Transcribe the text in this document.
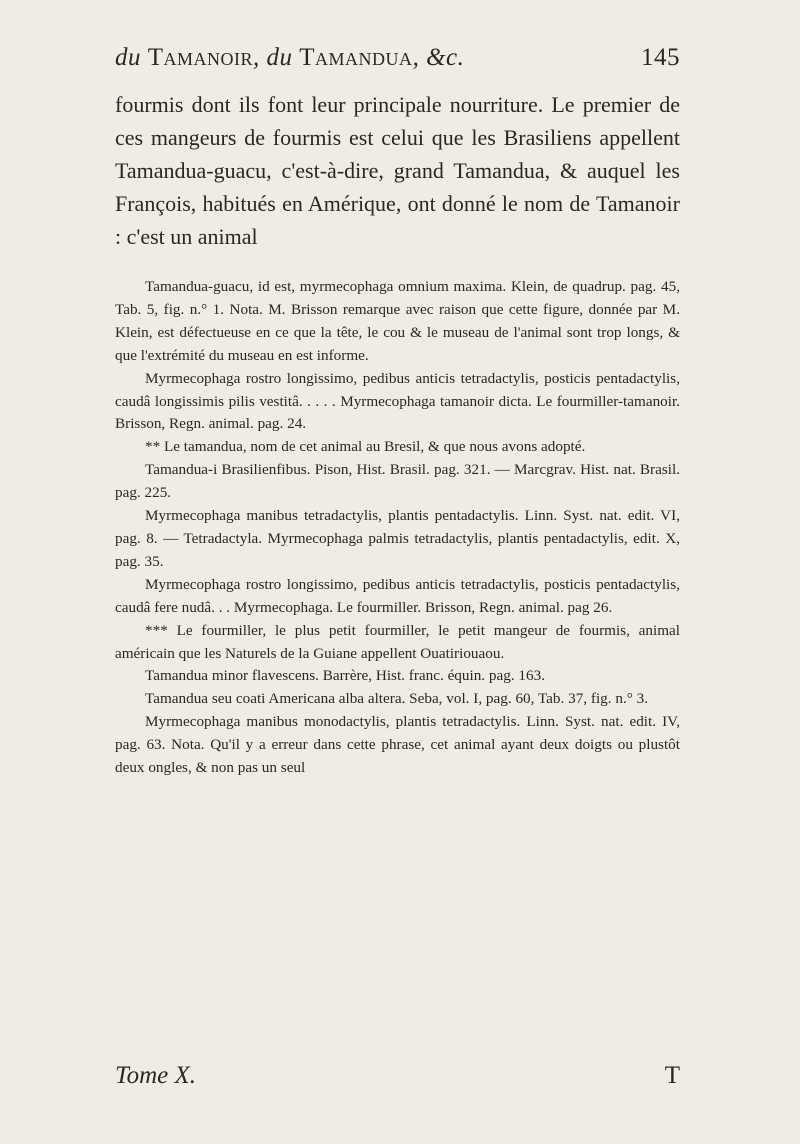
du Tamanoir, du Tamandua, &c.	145

fourmis dont ils font leur principale nourriture. Le premier de ces mangeurs de fourmis est celui que les Brasiliens appellent Tamandua-guacu, c'est-à-dire, grand Tamandua, & auquel les François, habitués en Amérique, ont donné le nom de Tamanoir : c'est un animal

Tamandua-guacu, id est, myrmecophaga omnium maxima. Klein, de quadrup. pag. 45, Tab. 5, fig. n.° 1. Nota. M. Brisson remarque avec raison que cette figure, donnée par M. Klein, est défectueuse en ce que la tête, le cou & le museau de l'animal sont trop longs, & que l'extrémité du museau en est informe.

Myrmecophaga rostro longissimo, pedibus anticis tetradactylis, posticis pentadactylis, caudâ longissimis pilis vestitâ. . . . . Myrmecophaga tamanoir dicta. Le fourmiller-tamanoir. Brisson, Regn. animal. pag. 24.

** Le tamandua, nom de cet animal au Bresil, & que nous avons adopté.

Tamandua-i Brasilienfibus. Pison, Hist. Brasil. pag. 321. — Marcgrav. Hist. nat. Brasil. pag. 225.

Myrmecophaga manibus tetradactylis, plantis pentadactylis. Linn. Syst. nat. edit. VI, pag. 8. — Tetradactyla. Myrmecophaga palmis tetradactylis, plantis pentadactylis, edit. X, pag. 35.

Myrmecophaga rostro longissimo, pedibus anticis tetradactylis, posticis pentadactylis, caudâ fere nudâ. . . Myrmecophaga. Le fourmiller. Brisson, Regn. animal. pag 26.

*** Le fourmiller, le plus petit fourmiller, le petit mangeur de fourmis, animal américain que les Naturels de la Guiane appellent Ouatiriouaou.

Tamandua minor flavescens. Barrère, Hist. franc. équin. pag. 163.

Tamandua seu coati Americana alba altera. Seba, vol. I, pag. 60, Tab. 37, fig. n.° 3.

Myrmecophaga manibus monodactylis, plantis tetradactylis. Linn. Syst. nat. edit. IV, pag. 63. Nota. Qu'il y a erreur dans cette phrase, cet animal ayant deux doigts ou plustôt deux ongles, & non pas un seul

Tome X.	T
